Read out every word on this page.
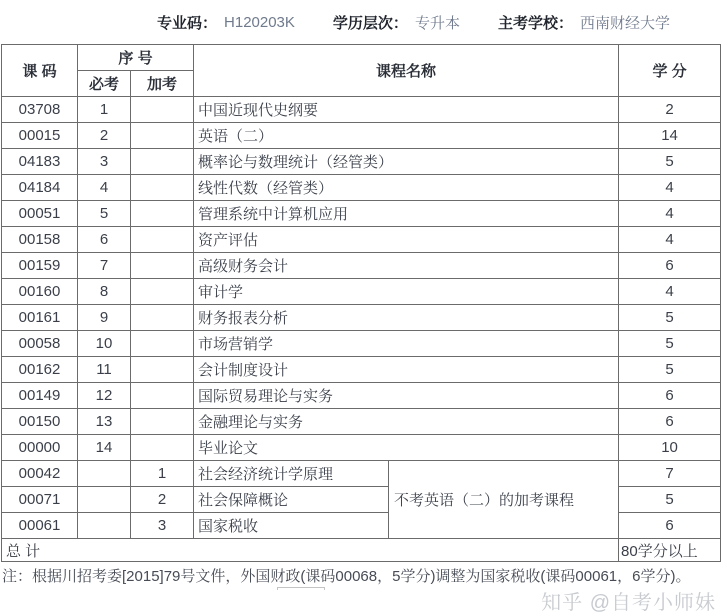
专业码： H120203K	学历层次： 专升本	主考学校： 西南财经大学
课 码	序 号		课程名称		学 分
	必考	加考			
03708	1		中国近现代史纲要		2
00015	2		英语（二）		14
04183	3		概率论与数理统计（经管类）		5
04184	4		线性代数（经管类）		4
00051	5		管理系统中计算机应用		4
00158	6		资产评估		4
00159	7		高级财务会计		6
00160	8		审计学		4
00161	9		财务报表分析		5
00058	10		市场营销学		5
00162	11		会计制度设计		5
00149	12		国际贸易理论与实务		6
00150	13		金融理论与实务		6
00000	14		毕业论文		10
00042		1	社会经济统计学原理	不考英语（二）的加考课程	7
00071		2	社会保障概论		5
00061		3	国家税收		6
总 计					80学分以上
注：根据川招考委[2015]79号文件，外国财政(课码00068，5学分)调整为国家税收(课码00061，6学分)。
知乎 @自考小师妹
